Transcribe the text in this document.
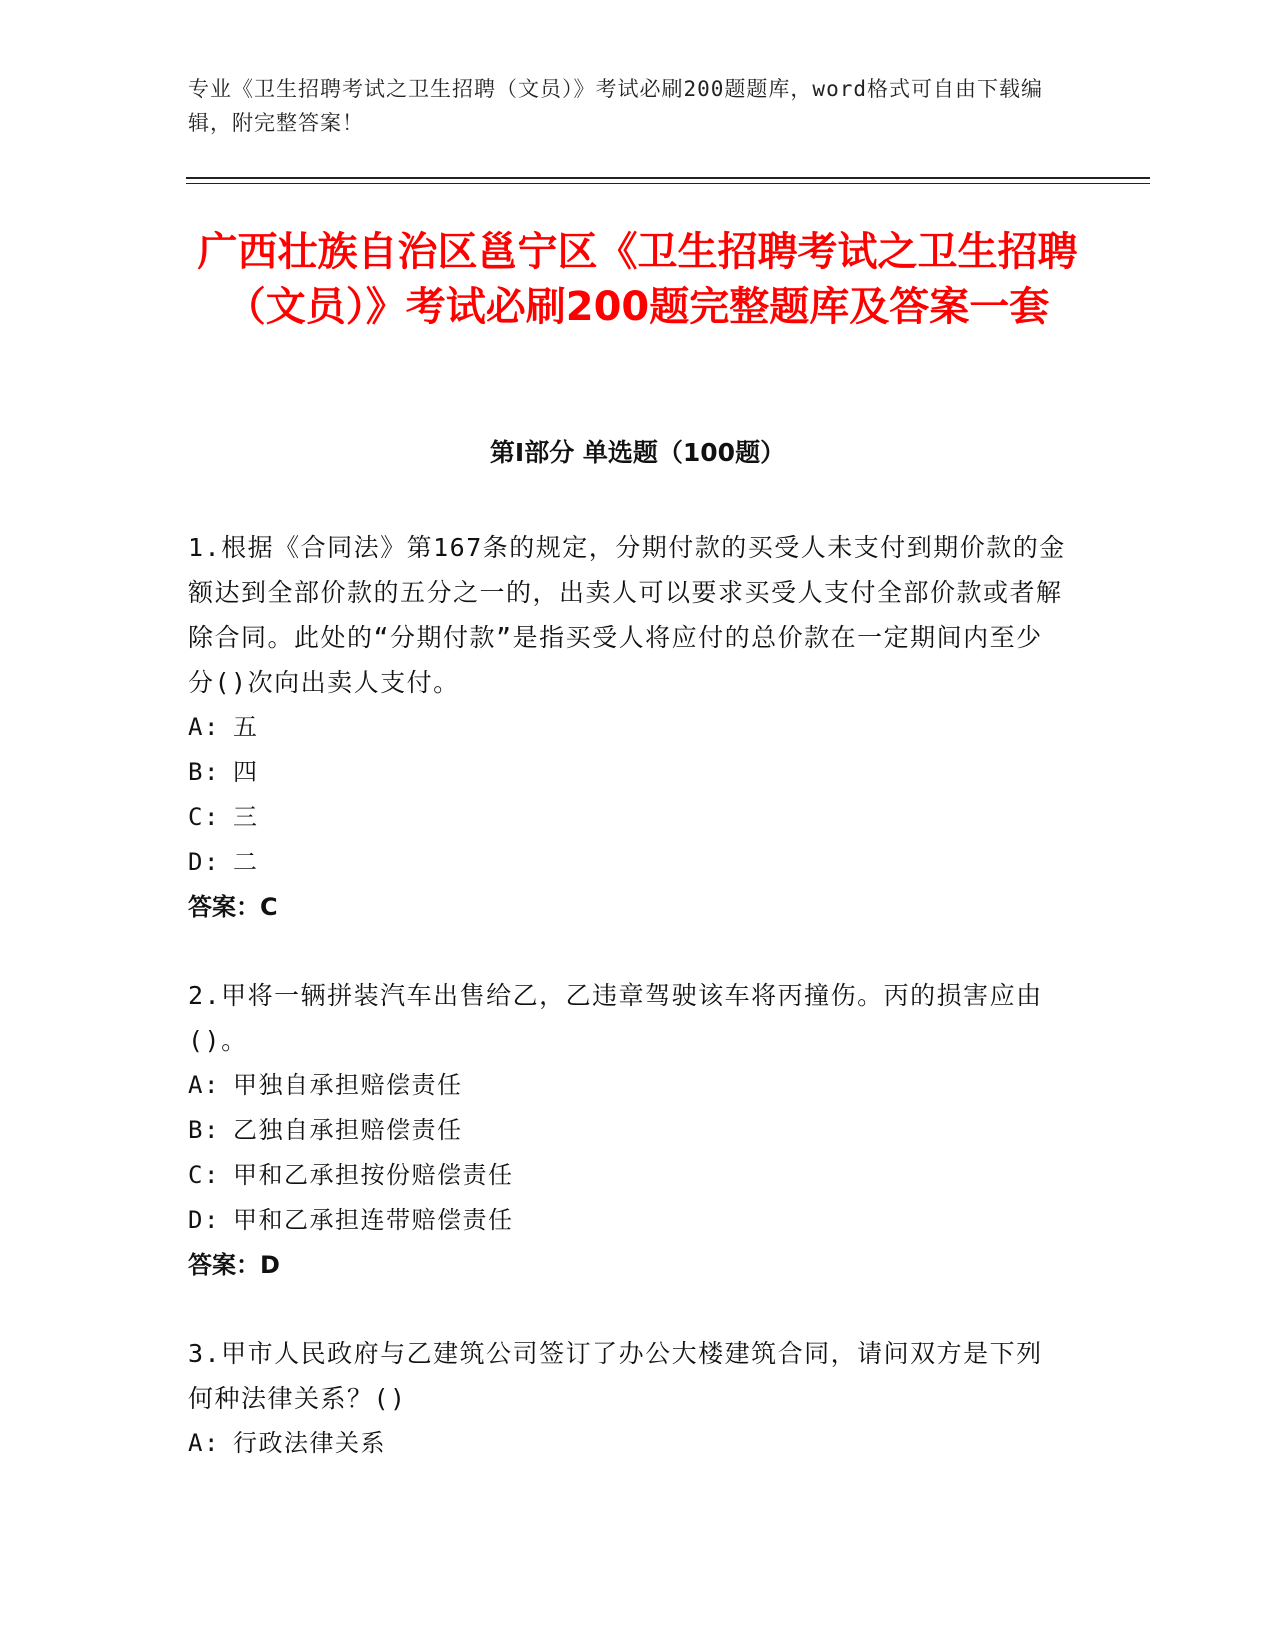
专业《卫生招聘考试之卫生招聘（文员）》考试必刷200题题库，word格式可自由下载编辑，附完整答案！
广西壮族自治区邕宁区《卫生招聘考试之卫生招聘（文员）》考试必刷200题完整题库及答案一套
第Ⅰ部分 单选题（100题）
1.根据《合同法》第167条的规定，分期付款的买受人未支付到期价款的金额达到全部价款的五分之一的，出卖人可以要求买受人支付全部价款或者解除合同。此处的“分期付款”是指买受人将应付的总价款在一定期间内至少分()次向出卖人支付。
A: 五
B: 四
C: 三
D: 二
答案：C
2.甲将一辆拼装汽车出售给乙，乙违章驾驶该车将丙撞伤。丙的损害应由()。
A: 甲独自承担赔偿责任
B: 乙独自承担赔偿责任
C: 甲和乙承担按份赔偿责任
D: 甲和乙承担连带赔偿责任
答案：D
3.甲市人民政府与乙建筑公司签订了办公大楼建筑合同，请问双方是下列何种法律关系？()
A: 行政法律关系
